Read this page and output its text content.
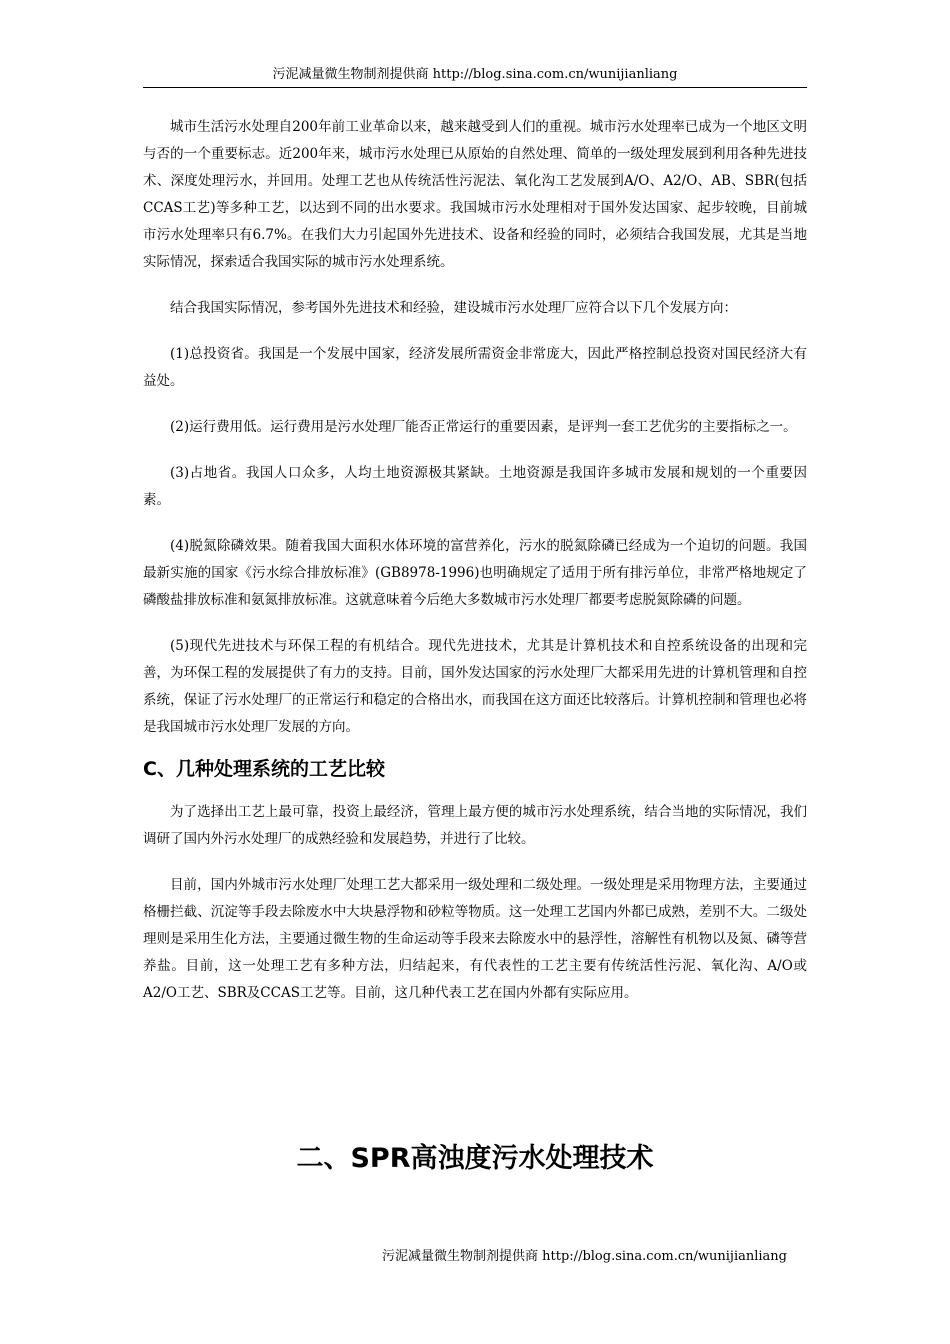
污泥减量微生物制剂提供商 http://blog.sina.com.cn/wunijianliang

城市生活污水处理自200年前工业革命以来，越来越受到人们的重视。城市污水处理率已成为一个地区文明与否的一个重要标志。近200年来，城市污水处理已从原始的自然处理、简单的一级处理发展到利用各种先进技术、深度处理污水，并回用。处理工艺也从传统活性污泥法、氧化沟工艺发展到A/O、A2/O、AB、SBR(包括CCAS工艺)等多种工艺，以达到不同的出水要求。我国城市污水处理相对于国外发达国家、起步较晚，目前城市污水处理率只有6.7%。在我们大力引起国外先进技术、设备和经验的同时，必须结合我国发展，尤其是当地实际情况，探索适合我国实际的城市污水处理系统。

结合我国实际情况，参考国外先进技术和经验，建设城市污水处理厂应符合以下几个发展方向：

(1)总投资省。我国是一个发展中国家，经济发展所需资金非常庞大，因此严格控制总投资对国民经济大有益处。

(2)运行费用低。运行费用是污水处理厂能否正常运行的重要因素，是评判一套工艺优劣的主要指标之一。

(3)占地省。我国人口众多，人均土地资源极其紧缺。土地资源是我国许多城市发展和规划的一个重要因素。

(4)脱氮除磷效果。随着我国大面积水体环境的富营养化，污水的脱氮除磷已经成为一个迫切的问题。我国最新实施的国家《污水综合排放标准》(GB8978-1996)也明确规定了适用于所有排污单位，非常严格地规定了磷酸盐排放标准和氨氮排放标准。这就意味着今后绝大多数城市污水处理厂都要考虑脱氮除磷的问题。

(5)现代先进技术与环保工程的有机结合。现代先进技术，尤其是计算机技术和自控系统设备的出现和完善，为环保工程的发展提供了有力的支持。目前，国外发达国家的污水处理厂大都采用先进的计算机管理和自控系统，保证了污水处理厂的正常运行和稳定的合格出水，而我国在这方面还比较落后。计算机控制和管理也必将是我国城市污水处理厂发展的方向。

C、几种处理系统的工艺比较

为了选择出工艺上最可靠，投资上最经济，管理上最方便的城市污水处理系统，结合当地的实际情况，我们调研了国内外污水处理厂的成熟经验和发展趋势，并进行了比较。

目前，国内外城市污水处理厂处理工艺大都采用一级处理和二级处理。一级处理是采用物理方法，主要通过格栅拦截、沉淀等手段去除废水中大块悬浮物和砂粒等物质。这一处理工艺国内外都已成熟，差别不大。二级处理则是采用生化方法，主要通过微生物的生命运动等手段来去除废水中的悬浮性，溶解性有机物以及氮、磷等营养盐。目前，这一处理工艺有多种方法，归结起来，有代表性的工艺主要有传统活性污泥、氧化沟、A/O或A2/O工艺、SBR及CCAS工艺等。目前，这几种代表工艺在国内外都有实际应用。

二、SPR高浊度污水处理技术
污泥减量微生物制剂提供商 http://blog.sina.com.cn/wunijianliang
